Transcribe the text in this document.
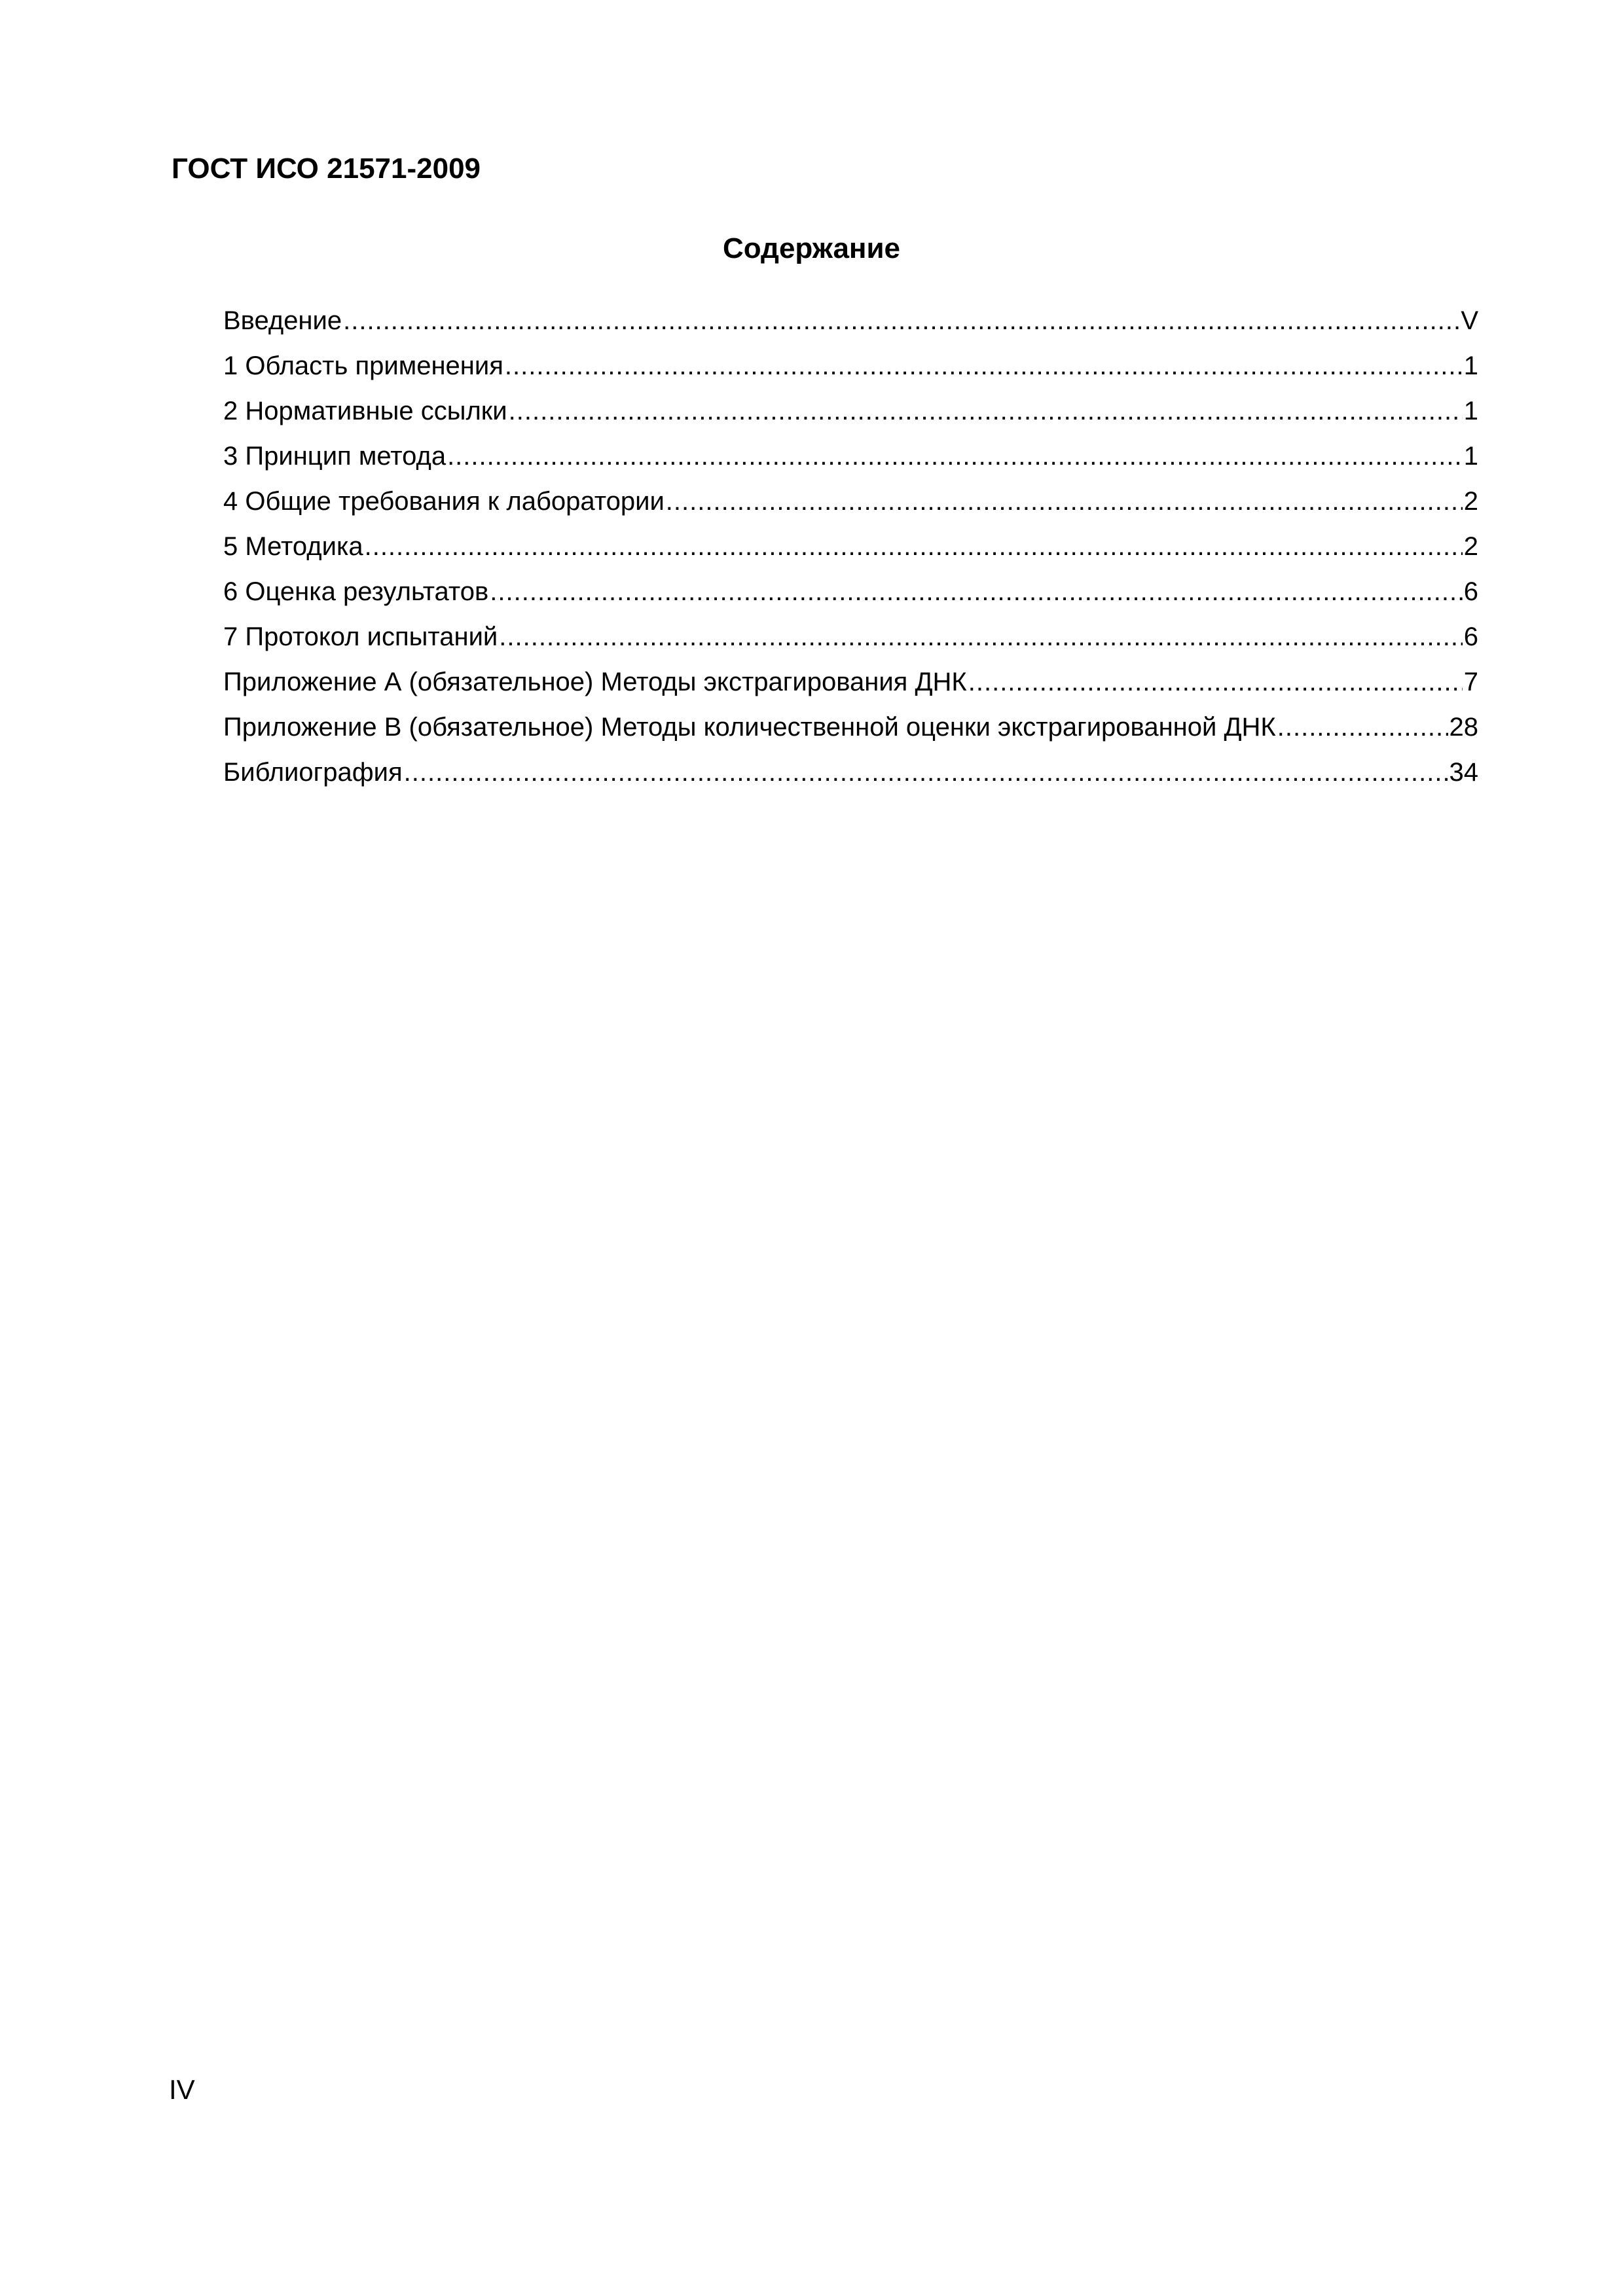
ГОСТ ИСО 21571-2009
Содержание
Введение .....	V
1 Область применения .....	1
2 Нормативные ссылки .....	1
3 Принцип метода .....	1
4 Общие требования к лаборатории .....	2
5 Методика .....	2
6 Оценка результатов .....	6
7 Протокол испытаний .....	6
Приложение А (обязательное) Методы экстрагирования ДНК .....	7
Приложение В (обязательное) Методы количественной оценки экстрагированной ДНК .....	28
Библиография .....	34
IV
